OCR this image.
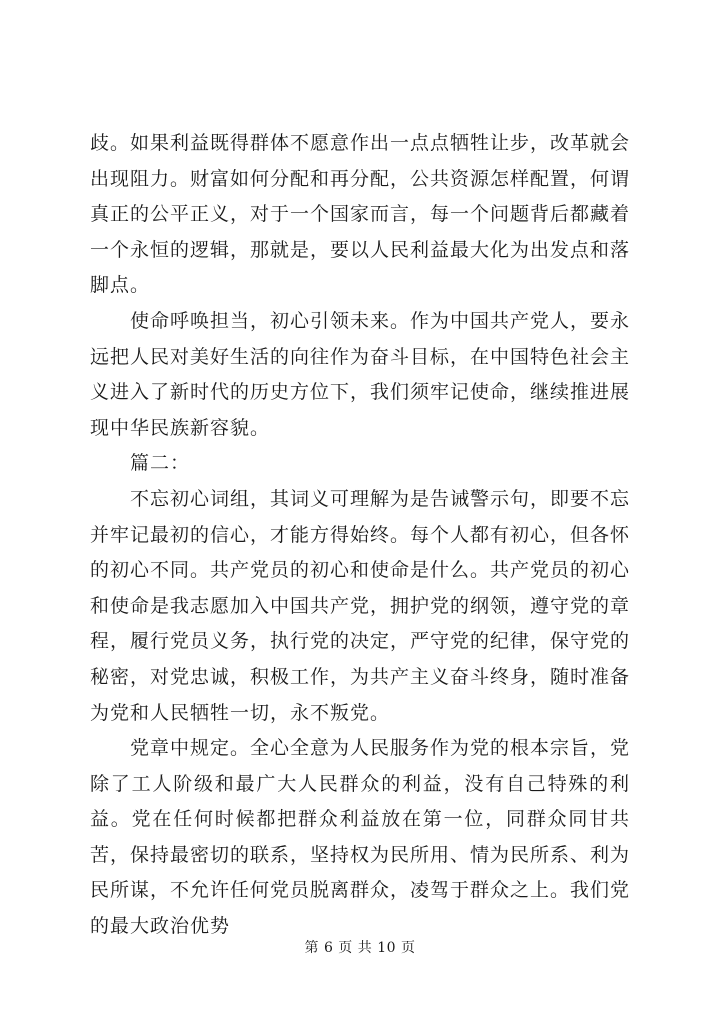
歧。如果利益既得群体不愿意作出一点点牺牲让步，改革就会出现阻力。财富如何分配和再分配，公共资源怎样配置，何谓真正的公平正义，对于一个国家而言，每一个问题背后都藏着一个永恒的逻辑，那就是，要以人民利益最大化为出发点和落脚点。

使命呼唤担当，初心引领未来。作为中国共产党人，要永远把人民对美好生活的向往作为奋斗目标，在中国特色社会主义进入了新时代的历史方位下，我们须牢记使命，继续推进展现中华民族新容貌。

篇二：

不忘初心词组，其词义可理解为是告诫警示句，即要不忘并牢记最初的信心，才能方得始终。每个人都有初心，但各怀的初心不同。共产党员的初心和使命是什么。共产党员的初心和使命是我志愿加入中国共产党，拥护党的纲领，遵守党的章程，履行党员义务，执行党的决定，严守党的纪律，保守党的秘密，对党忠诚，积极工作，为共产主义奋斗终身，随时准备为党和人民牺牲一切，永不叛党。

党章中规定。全心全意为人民服务作为党的根本宗旨，党除了工人阶级和最广大人民群众的利益，没有自己特殊的利益。党在任何时候都把群众利益放在第一位，同群众同甘共苦，保持最密切的联系，坚持权为民所用、情为民所系、利为民所谋，不允许任何党员脱离群众，凌驾于群众之上。我们党的最大政治优势

第 6 页 共 10 页
